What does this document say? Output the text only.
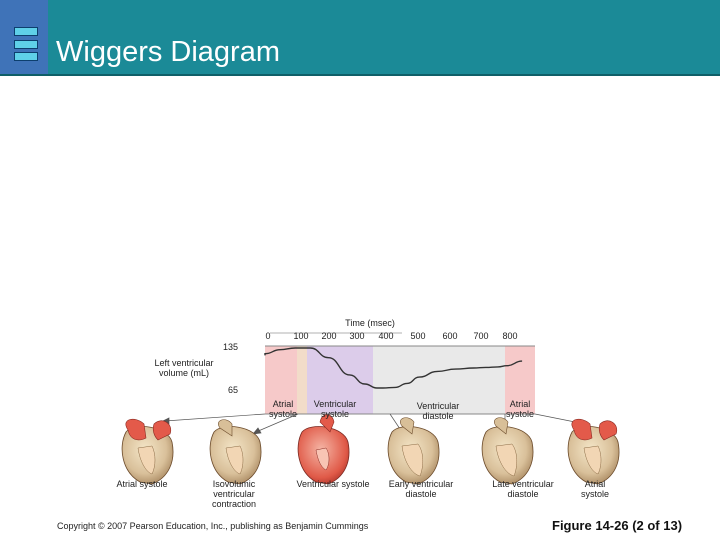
Wiggers Diagram
Time (msec)
0	100	200	300	400	500	600	700	800
135
65
Left ventricular volume (mL)
Atrial systole
Ventricular systole
Ventricular diastole
Atrial systole
Atrial systole	Isovolumic ventricular contraction
Ventricular systole	Early ventricular diastole
Late ventricular diastole
Atrial systole
Copyright © 2007 Pearson Education, Inc., publishing as Benjamin Cummings	Figure 14-26 (2 of 13)
